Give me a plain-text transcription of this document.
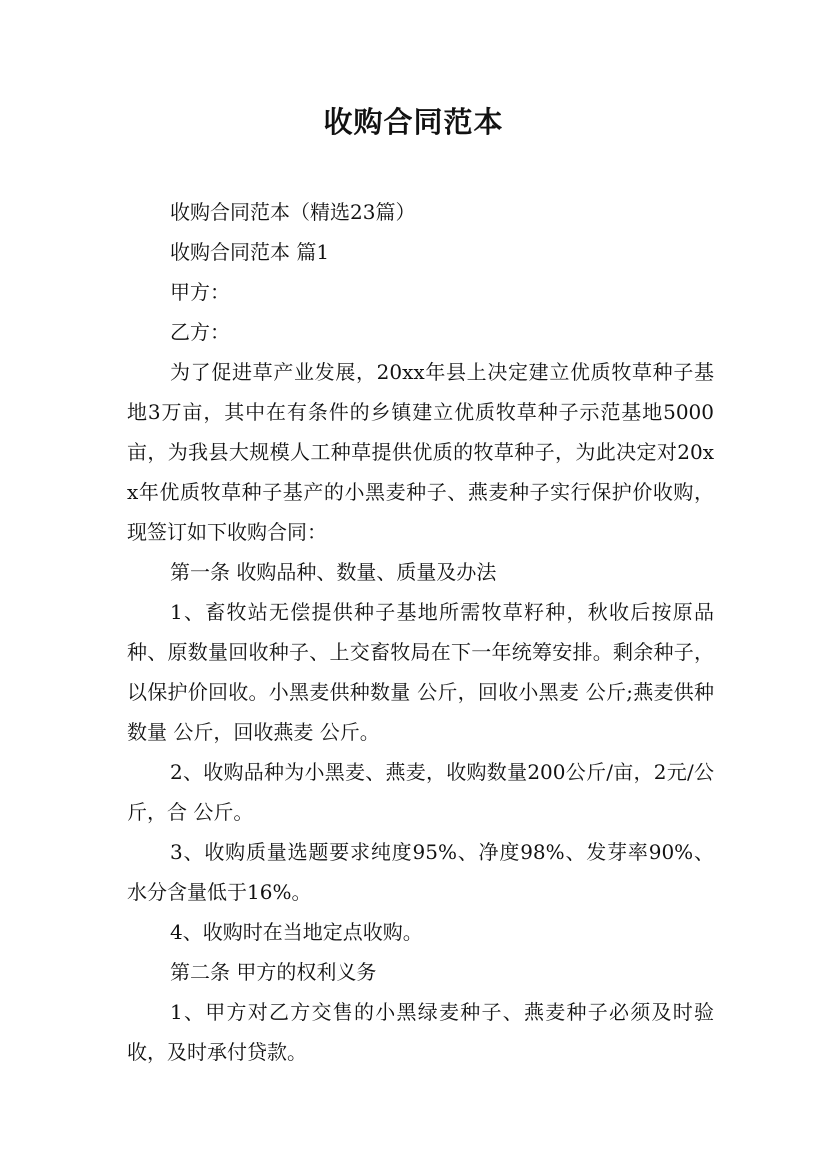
收购合同范本

收购合同范本（精选23篇）

收购合同范本 篇1

甲方：

乙方：

为了促进草产业发展，20xx年县上决定建立优质牧草种子基地3万亩，其中在有条件的乡镇建立优质牧草种子示范基地5000亩，为我县大规模人工种草提供优质的牧草种子，为此决定对20xx年优质牧草种子基产的小黑麦种子、燕麦种子实行保护价收购，现签订如下收购合同：

第一条 收购品种、数量、质量及办法

1、畜牧站无偿提供种子基地所需牧草籽种，秋收后按原品种、原数量回收种子、上交畜牧局在下一年统筹安排。剩余种子，以保护价回收。小黑麦供种数量 公斤，回收小黑麦 公斤;燕麦供种数量 公斤，回收燕麦 公斤。

2、收购品种为小黑麦、燕麦，收购数量200公斤/亩，2元/公斤，合 公斤。

3、收购质量选题要求纯度95%、净度98%、发芽率90%、水分含量低于16%。

4、收购时在当地定点收购。

第二条 甲方的权利义务

1、甲方对乙方交售的小黑绿麦种子、燕麦种子必须及时验收，及时承付贷款。
